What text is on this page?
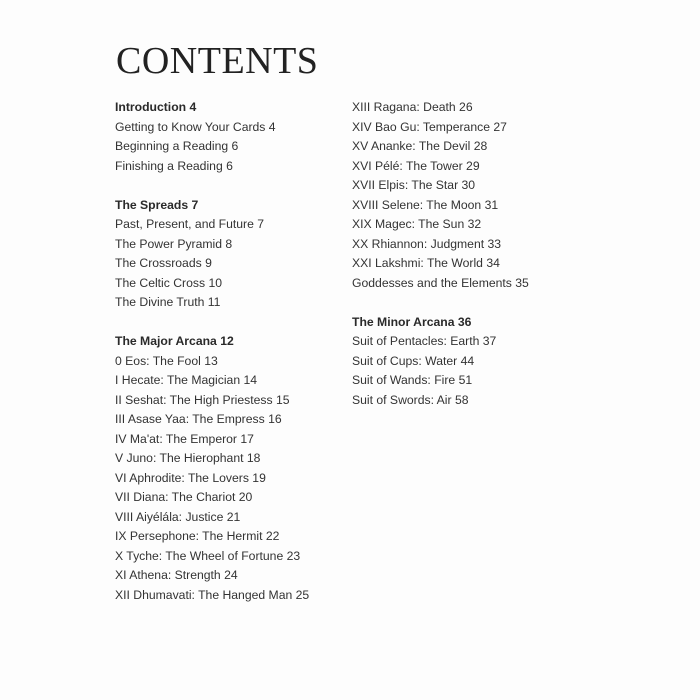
CONTENTS
Introduction 4
Getting to Know Your Cards 4
Beginning a Reading 6
Finishing a Reading 6
The Spreads 7
Past, Present, and Future 7
The Power Pyramid 8
The Crossroads 9
The Celtic Cross 10
The Divine Truth 11
The Major Arcana 12
0 Eos: The Fool 13
I Hecate: The Magician 14
II Seshat: The High Priestess 15
III Asase Yaa: The Empress 16
IV Ma'at: The Emperor 17
V Juno: The Hierophant 18
VI Aphrodite: The Lovers 19
VII Diana: The Chariot 20
VIII Aiyélála: Justice 21
IX Persephone: The Hermit 22
X Tyche: The Wheel of Fortune 23
XI Athena: Strength 24
XII Dhumavati: The Hanged Man 25
XIII Ragana: Death 26
XIV Bao Gu: Temperance 27
XV Ananke: The Devil 28
XVI Pélé: The Tower 29
XVII Elpis: The Star 30
XVIII Selene: The Moon 31
XIX Magec: The Sun 32
XX Rhiannon: Judgment 33
XXI Lakshmi: The World 34
Goddesses and the Elements 35
The Minor Arcana 36
Suit of Pentacles: Earth 37
Suit of Cups: Water 44
Suit of Wands: Fire 51
Suit of Swords: Air 58
